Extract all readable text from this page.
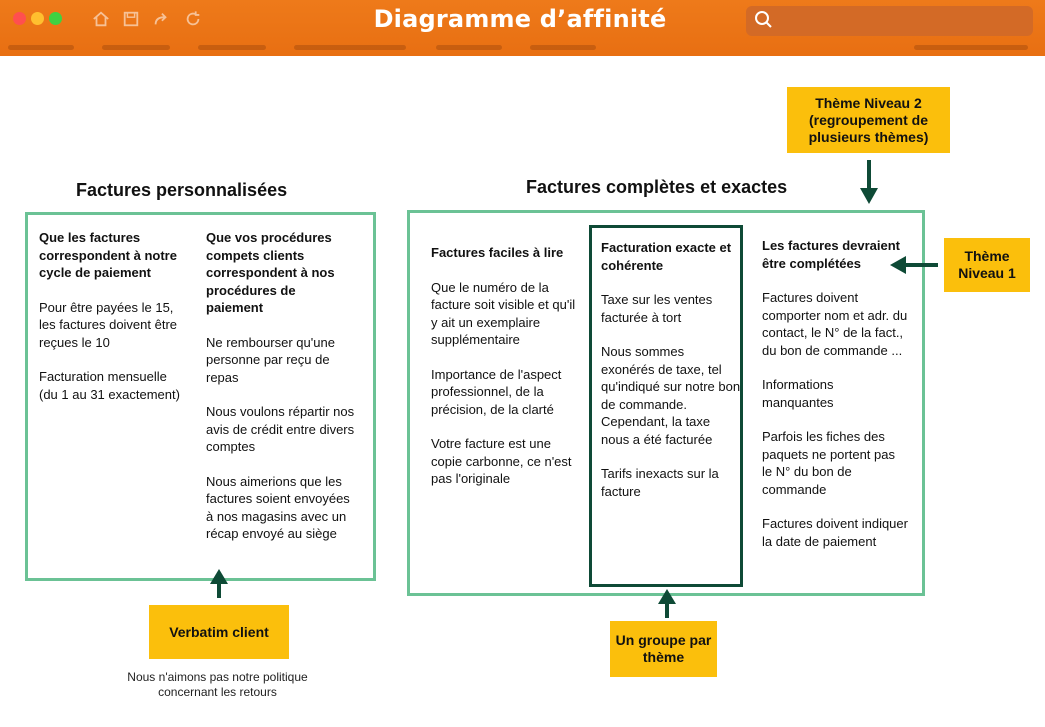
Diagramme d’affinité
Thème Niveau 2 (regroupement de plusieurs thèmes)
Factures personnalisées	Factures complètes et exactes
Que les factures correspondent à notre cycle de paiement
Pour être payées le 15, les factures doivent être reçues le 10
Facturation mensuelle (du 1 au 31 exactement)
Que vos procédures compets clients correspondent à nos procédures de paiement
Ne rembourser qu'une personne par reçu de repas
Nous voulons répartir nos avis de crédit entre divers comptes
Nous aimerions que les factures soient envoyées à nos magasins avec un récap envoyé au siège
Factures faciles à lire
Que le numéro de la facture soit visible et qu'il y ait un exemplaire supplémentaire
Importance de l'aspect professionnel, de la précision, de la clarté
Votre facture est une copie carbonne, ce n'est pas l'originale
Facturation exacte et cohérente
Taxe sur les ventes facturée à tort
Nous sommes exonérés de taxe, tel qu'indiqué sur notre bon de commande. Cependant, la taxe nous a été facturée
Tarifs inexacts sur la facture
Les factures devraient être complétées
Factures doivent comporter nom et adr. du contact, le N° de la fact., du bon de commande ...
Informations manquantes
Parfois les fiches des paquets ne portent pas le N° du bon de commande
Factures doivent indiquer la date de paiement
Thème Niveau 1
Verbatim client
Un groupe par thème
Nous n'aimons pas notre politique concernant les retours
